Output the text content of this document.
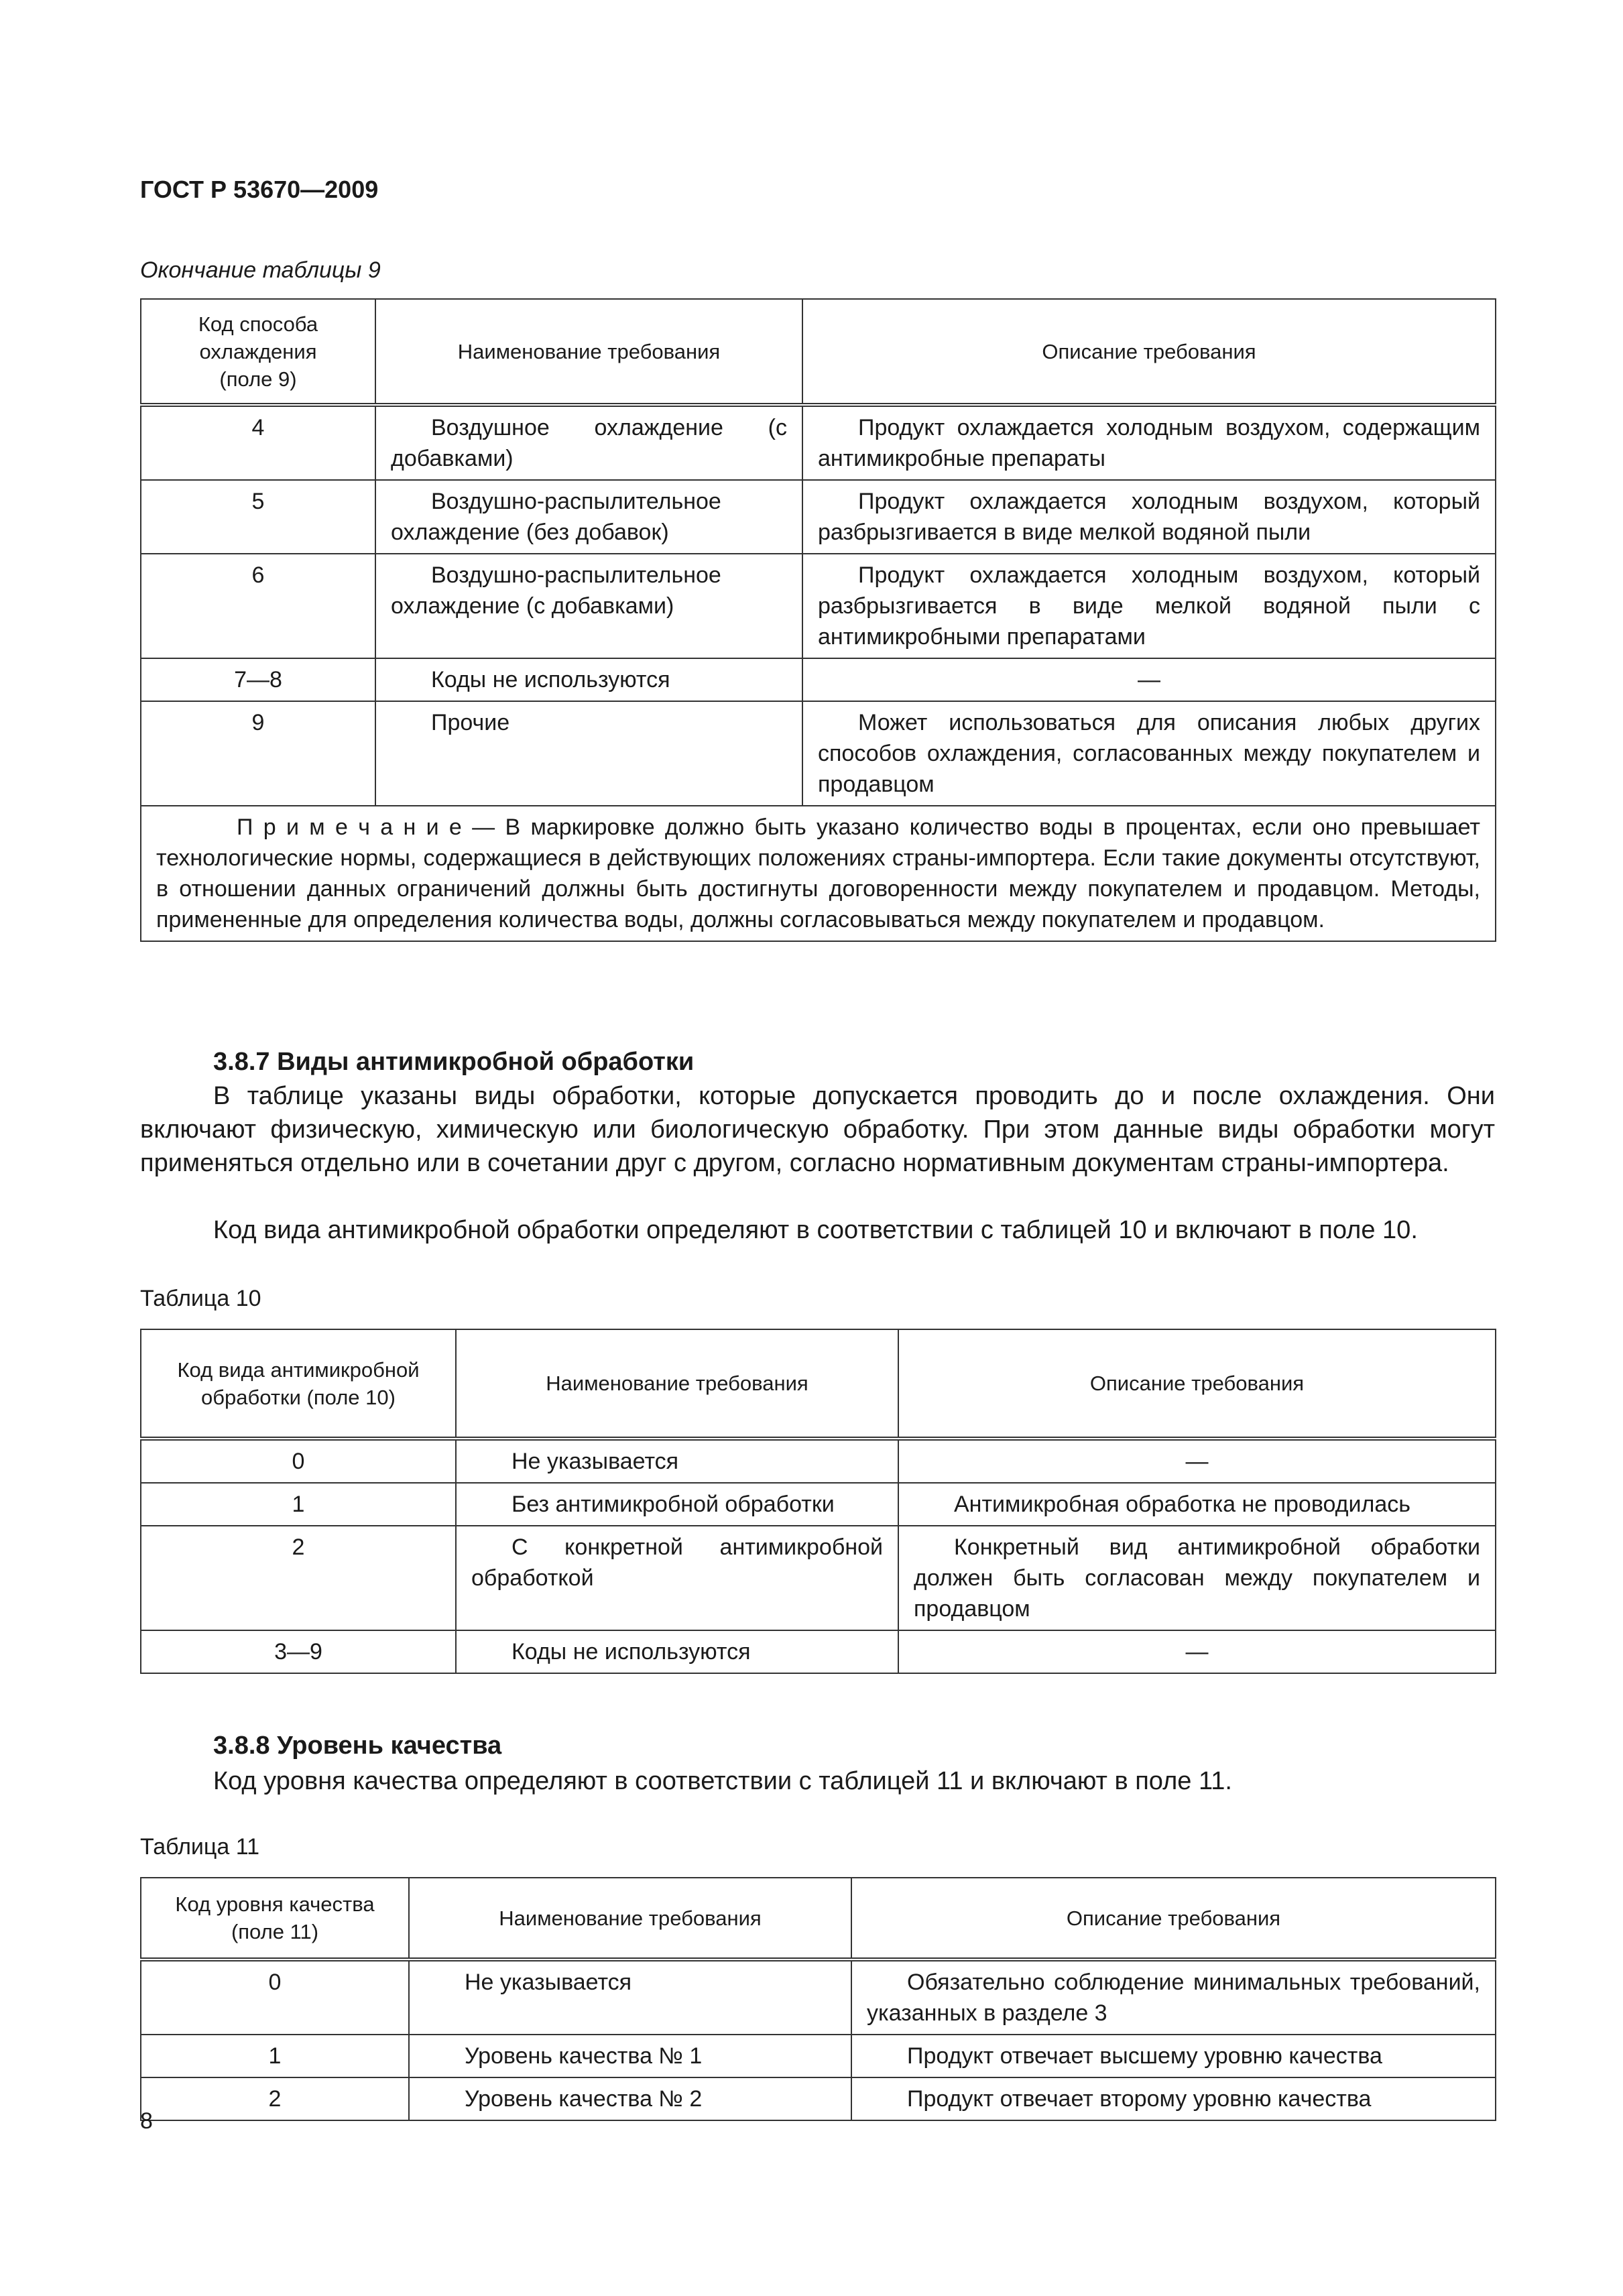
ГОСТ Р 53670—2009
Окончание таблицы 9
Код способа охлаждения (поле 9)	Наименование требования	Описание требования
4	Воздушное охлаждение (с добавками)	Продукт охлаждается холодным воздухом, содержащим антимикробные препараты
5	Воздушно-распылительное охлаждение (без добавок)	Продукт охлаждается холодным воздухом, который разбрызгивается в виде мелкой водяной пыли
6	Воздушно-распылительное охлаждение (с добавками)	Продукт охлаждается холодным воздухом, который разбрызгивается в виде мелкой водяной пыли с антимикробными препаратами
7—8	Коды не используются	—
9	Прочие	Может использоваться для описания любых других способов охлаждения, согласованных между покупателем и продавцом
П р и м е ч а н и е — В маркировке должно быть указано количество воды в процентах, если оно превышает технологические нормы, содержащиеся в действующих положениях страны-импортера. Если такие документы отсутствуют, в отношении данных ограничений должны быть достигнуты договоренности между покупателем и продавцом. Методы, примененные для определения количества воды, должны согласовываться между покупателем и продавцом.		
3.8.7 Виды антимикробной обработки
В таблице указаны виды обработки, которые допускается проводить до и после охлаждения. Они включают физическую, химическую или биологическую обработку. При этом данные виды обработки могут применяться отдельно или в сочетании друг с другом, согласно нормативным документам страны-импортера.
Код вида антимикробной обработки определяют в соответствии с таблицей 10 и включают в поле 10.
Таблица 10
Код вида антимикробной обработки (поле 10)	Наименование требования	Описание требования
0	Не указывается	—
1	Без антимикробной обработки	Антимикробная обработка не проводилась
2	С конкретной антимикробной обработкой	Конкретный вид антимикробной обработки должен быть согласован между покупателем и продавцом
3—9	Коды не используются	—
3.8.8 Уровень качества
Код уровня качества определяют в соответствии с таблицей 11 и включают в поле 11.
Таблица 11
Код уровня качества (поле 11)	Наименование требования	Описание требования
0	Не указывается	Обязательно соблюдение минимальных требований, указанных в разделе 3
1	Уровень качества № 1	Продукт отвечает высшему уровню качества
2	Уровень качества № 2	Продукт отвечает второму уровню качества
8
